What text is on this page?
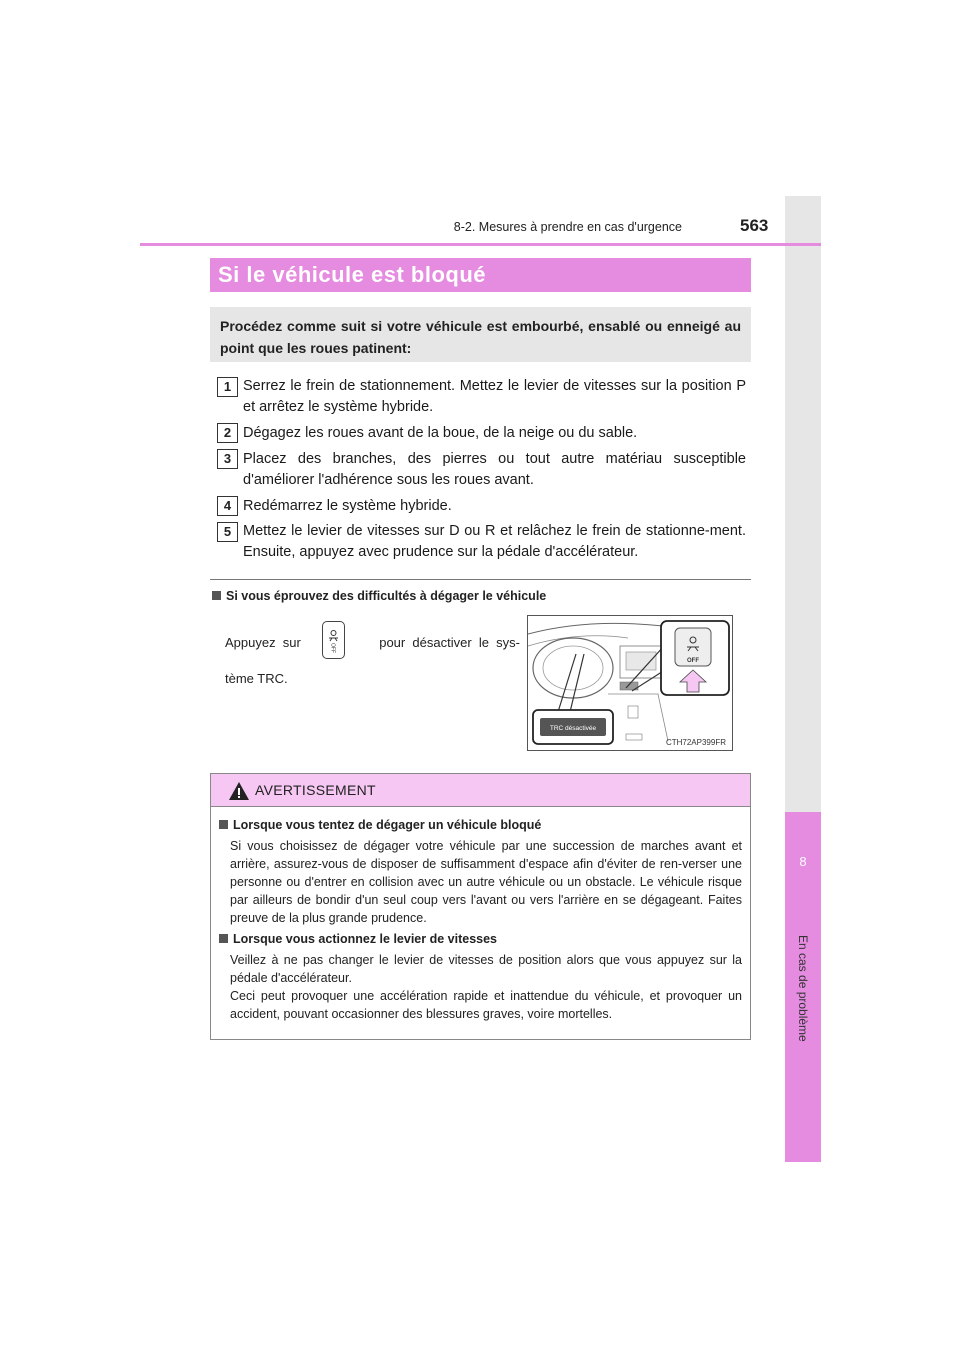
8
En cas de problème
8-2. Mesures à prendre en cas d'urgence	563
Si le véhicule est bloqué
Procédez comme suit si votre véhicule est embourbé, ensablé ou enneigé au point que les roues patinent:
1 Serrez le frein de stationnement. Mettez le levier de vitesses sur la position P et arrêtez le système hybride.
2 Dégagez les roues avant de la boue, de la neige ou du sable.
3 Placez des branches, des pierres ou tout autre matériau susceptible d'améliorer l'adhérence sous les roues avant.
4 Redémarrez le système hybride.
5 Mettez le levier de vitesses sur D ou R et relâchez le frein de stationne-ment. Ensuite, appuyez avec prudence sur la pédale d'accélérateur.
Si vous éprouvez des difficultés à dégager le véhicule
Appuyez sur	pour désactiver le sys-tème TRC.
OFF
OFF
TRC désactivée
CTH72AP399FR
AVERTISSEMENT
Lorsque vous tentez de dégager un véhicule bloqué
Si vous choisissez de dégager votre véhicule par une succession de marches avant et arrière, assurez-vous de disposer de suffisamment d'espace afin d'éviter de ren-verser une personne ou d'entrer en collision avec un autre véhicule ou un obstacle. Le véhicule risque par ailleurs de bondir d'un seul coup vers l'avant ou vers l'arrière en se dégageant. Faites preuve de la plus grande prudence.
Lorsque vous actionnez le levier de vitesses
Veillez à ne pas changer le levier de vitesses de position alors que vous appuyez sur la pédale d'accélérateur.
Ceci peut provoquer une accélération rapide et inattendue du véhicule, et provoquer un accident, pouvant occasionner des blessures graves, voire mortelles.
